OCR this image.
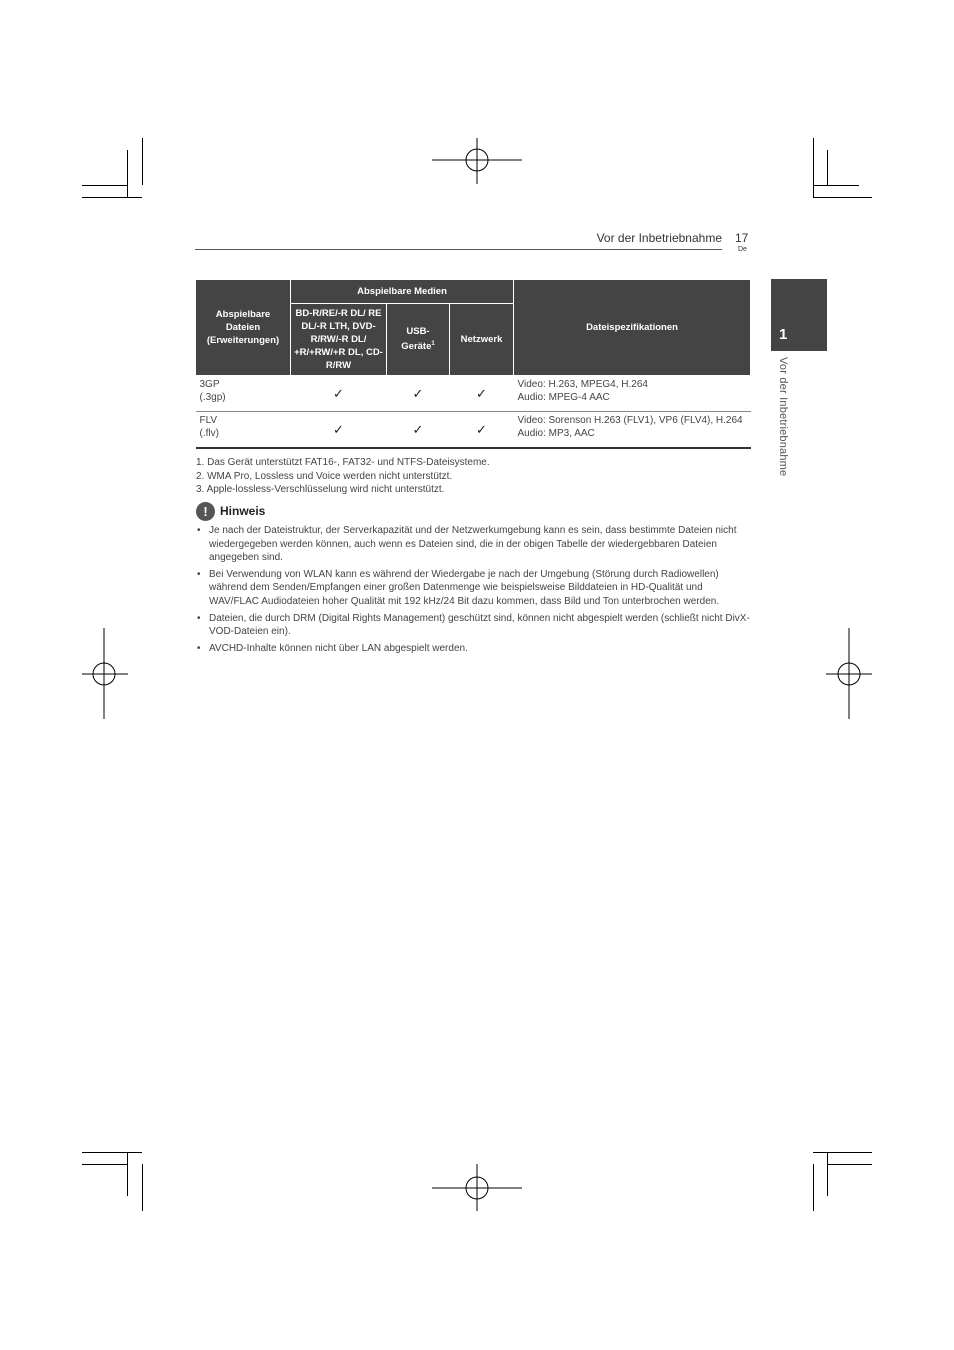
Vor der Inbetriebnahme 17
De
1
Vor der Inbetriebnahme
Abspielbare Dateien (Erweiterungen)	Abspielbare Medien			Dateispezifikationen
	BD-R/RE/-R DL/ RE DL/-R LTH, DVD-R/RW/-R DL/ +R/+RW/+R DL, CD-R/RW	USB-Geräte$^1$	Netzwerk	
3GP
(.3gp)	✓	✓	✓	Video: H.263, MPEG4, H.264
Audio: MPEG-4 AAC
FLV
(.flv)	✓	✓	✓	Video: Sorenson H.263 (FLV1), VP6 (FLV4), H.264
Audio: MP3, AAC
1. Das Gerät unterstützt FAT16-, FAT32- und NTFS-Dateisysteme.
2. WMA Pro, Lossless und Voice werden nicht unterstützt.
3. Apple-lossless-Verschlüsselung wird nicht unterstützt.
!	Hinweis
• Je nach der Dateistruktur, der Serverkapazität und der Netzwerkumgebung kann es sein, dass bestimmte Dateien nicht wiedergegeben werden können, auch wenn es Dateien sind, die in der obigen Tabelle der wiedergebbaren Dateien angegeben sind.
• Bei Verwendung von WLAN kann es während der Wiedergabe je nach der Umgebung (Störung durch Radiowellen) während dem Senden/Empfangen einer großen Datenmenge wie beispielsweise Bilddateien in HD-Qualität und WAV/FLAC Audiodateien hoher Qualität mit 192 kHz/24 Bit dazu kommen, dass Bild und Ton unterbrochen werden.
• Dateien, die durch DRM (Digital Rights Management) geschützt sind, können nicht abgespielt werden (schließt nicht DivX-VOD-Dateien ein).
• AVCHD-Inhalte können nicht über LAN abgespielt werden.
